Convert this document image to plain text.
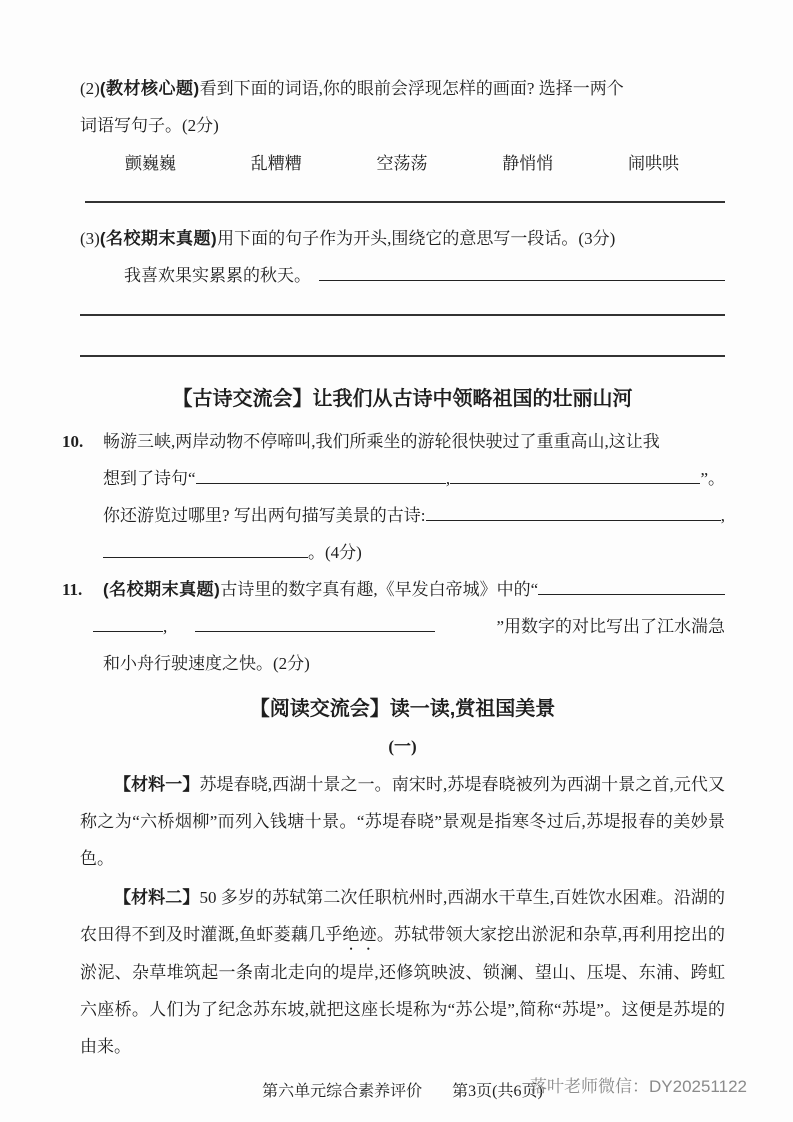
(2) (教材核心题) 看到下面的词语,你的眼前会浮现怎样的画面? 选择一两个
词语写句子。(2分)
颤巍巍	乱糟糟	空荡荡	静悄悄	闹哄哄
(3) (名校期末真题) 用下面的句子作为开头,围绕它的意思写一段话。(3分)
我喜欢果实累累的秋天。
【古诗交流会】让我们从古诗中领略祖国的壮丽山河
10.	畅游三峡,两岸动物不停啼叫,我们所乘坐的游轮很快驶过了重重高山,这让我
想到了诗句“	,	”。
你还游览过哪里? 写出两句描写美景的古诗:	,
。(4分)
11.	(名校期末真题) 古诗里的数字真有趣,《早发白帝城》中的“
,	”用数字的对比写出了江水湍急
和小舟行驶速度之快。(2分)
【阅读交流会】读一读,赏祖国美景
(一)

【材料一】苏堤春晓,西湖十景之一。南宋时,苏堤春晓被列为西湖十景之首,元代又称之为“六桥烟柳”而列入钱塘十景。“苏堤春晓”景观是指寒冬过后,苏堤报春的美妙景色。

【材料二】50 多岁的苏轼第二次任职杭州时,西湖水干草生,百姓饮水困难。沿湖的农田得不到及时灌溉,鱼虾菱藕几乎绝迹。苏轼带领大家挖出淤泥和杂草,再利用挖出的淤泥、杂草堆筑起一条南北走向的堤岸,还修筑映波、锁澜、望山、压堤、东浦、跨虹六座桥。人们为了纪念苏东坡,就把这座长堤称为“苏公堤”,简称“苏堤”。这便是苏堤的由来。

第六单元综合素养评价 第3页(共6页)
落叶老师微信：DY20251122
